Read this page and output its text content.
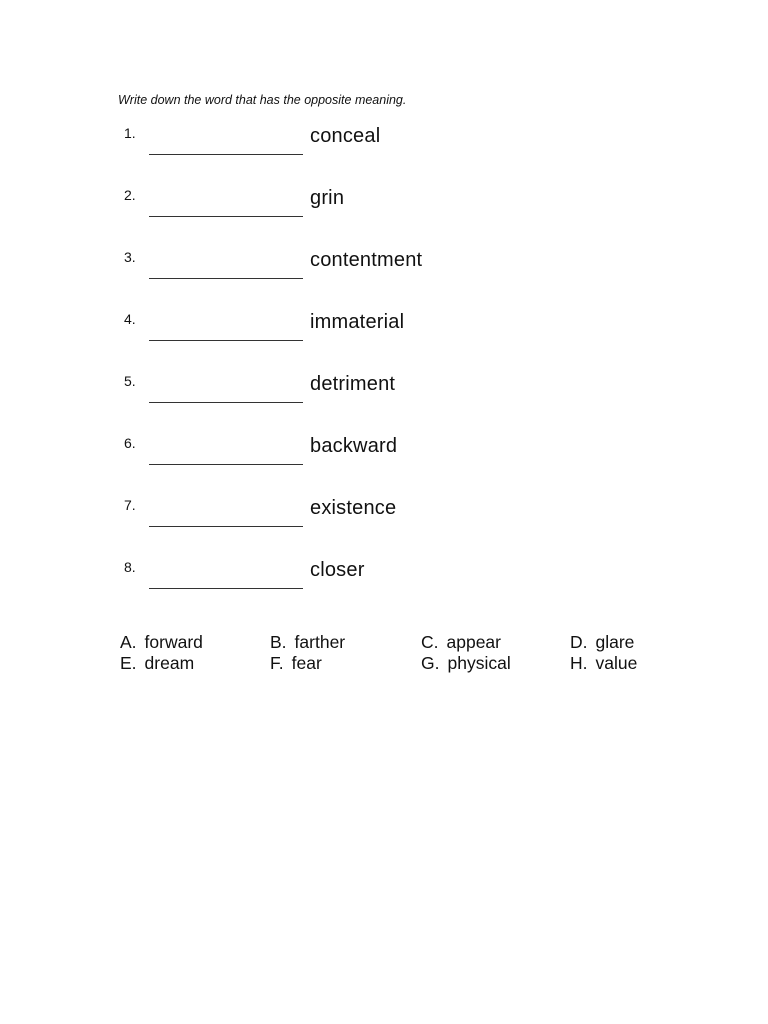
Write down the word that has the opposite meaning.
1.	conceal
2.	grin
3.	contentment
4.	immaterial
5.	detriment
6.	backward
7.	existence
8.	closer
A. forward	B. farther	C. appear	D. glare
E. dream	F. fear	G. physical	H. value
